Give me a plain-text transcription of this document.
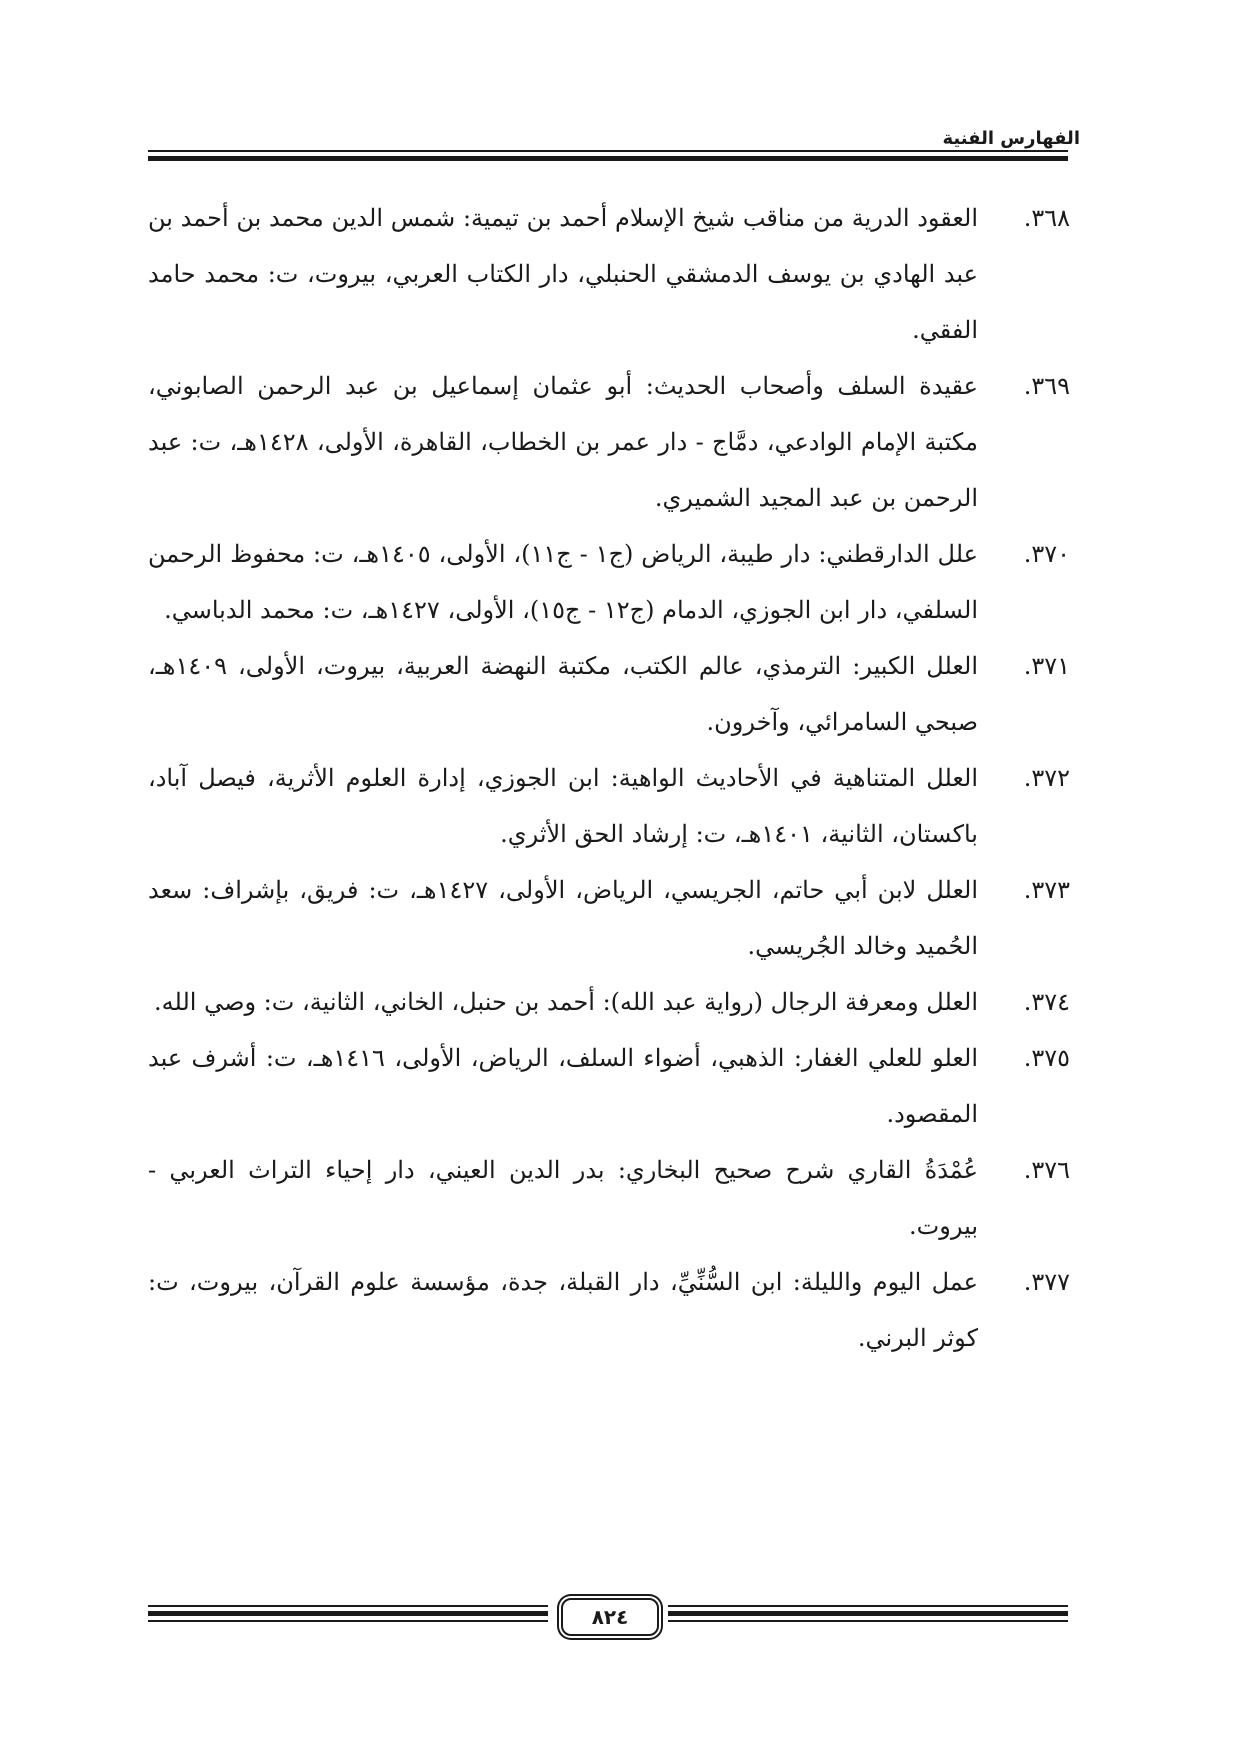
الفهارس الفنية
٣٦٨.
العقود الدرية من مناقب شيخ الإسلام أحمد بن تيمية: شمس الدين محمد بن أحمد بن عبد الهادي بن يوسف الدمشقي الحنبلي، دار الكتاب العربي، بيروت، ت: محمد حامد الفقي.
٣٦٩.
عقيدة السلف وأصحاب الحديث: أبو عثمان إسماعيل بن عبد الرحمن الصابوني، مكتبة الإمام الوادعي، دمَّاج - دار عمر بن الخطاب، القاهرة، الأولى، ١٤٢٨هـ، ت: عبد الرحمن بن عبد المجيد الشميري.
٣٧٠.
علل الدارقطني: دار طيبة، الرياض (ج١ - ج١١)، الأولى، ١٤٠٥هـ، ت: محفوظ الرحمن السلفي، دار ابن الجوزي، الدمام (ج١٢ - ج١٥)، الأولى، ١٤٢٧هـ، ت: محمد الدباسي.
٣٧١.
العلل الكبير: الترمذي، عالم الكتب، مكتبة النهضة العربية، بيروت، الأولى، ١٤٠٩هـ، صبحي السامرائي، وآخرون.
٣٧٢.
العلل المتناهية في الأحاديث الواهية: ابن الجوزي، إدارة العلوم الأثرية، فيصل آباد، باكستان، الثانية، ١٤٠١هـ، ت: إرشاد الحق الأثري.
٣٧٣.
العلل لابن أبي حاتم، الجريسي، الرياض، الأولى، ١٤٢٧هـ، ت: فريق، بإشراف: سعد الحُميد وخالد الجُريسي.
٣٧٤.
العلل ومعرفة الرجال (رواية عبد الله): أحمد بن حنبل، الخاني، الثانية، ت: وصي الله.
٣٧٥.
العلو للعلي الغفار: الذهبي، أضواء السلف، الرياض، الأولى، ١٤١٦هـ، ت: أشرف عبد المقصود.
٣٧٦.
عُمْدَةُ القاري شرح صحيح البخاري: بدر الدين العيني، دار إحياء التراث العربي - بيروت.
٣٧٧.
عمل اليوم والليلة: ابن السُّنِّيِّ، دار القبلة، جدة، مؤسسة علوم القرآن، بيروت، ت: كوثر البرني.
٨٢٤
